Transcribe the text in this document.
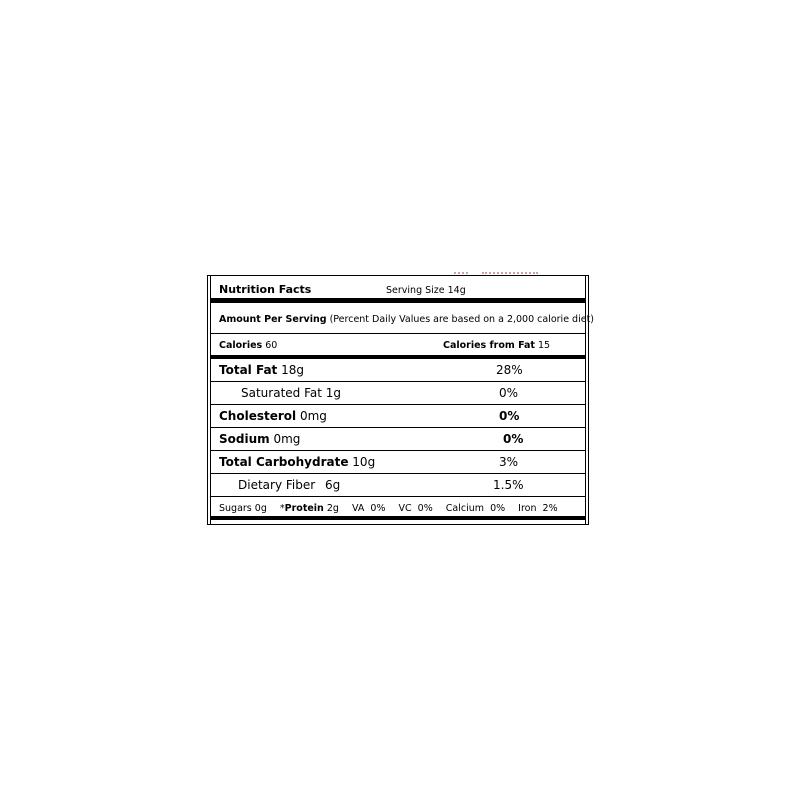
Nutrition Facts	Serving Size 14g
Amount Per Serving (Percent Daily Values are based on a 2,000 calorie diet)
Calories 60	Calories from Fat 15
Total Fat 18g	28%
Saturated Fat 1g	0%
Cholesterol 0mg	0%
Sodium 0mg	0%
Total Carbohydrate 10g	3%
Dietary Fiber 6g	1.5%
Sugars 0g *Protein 2g VA  0% VC  0% Calcium  0% Iron  2%
